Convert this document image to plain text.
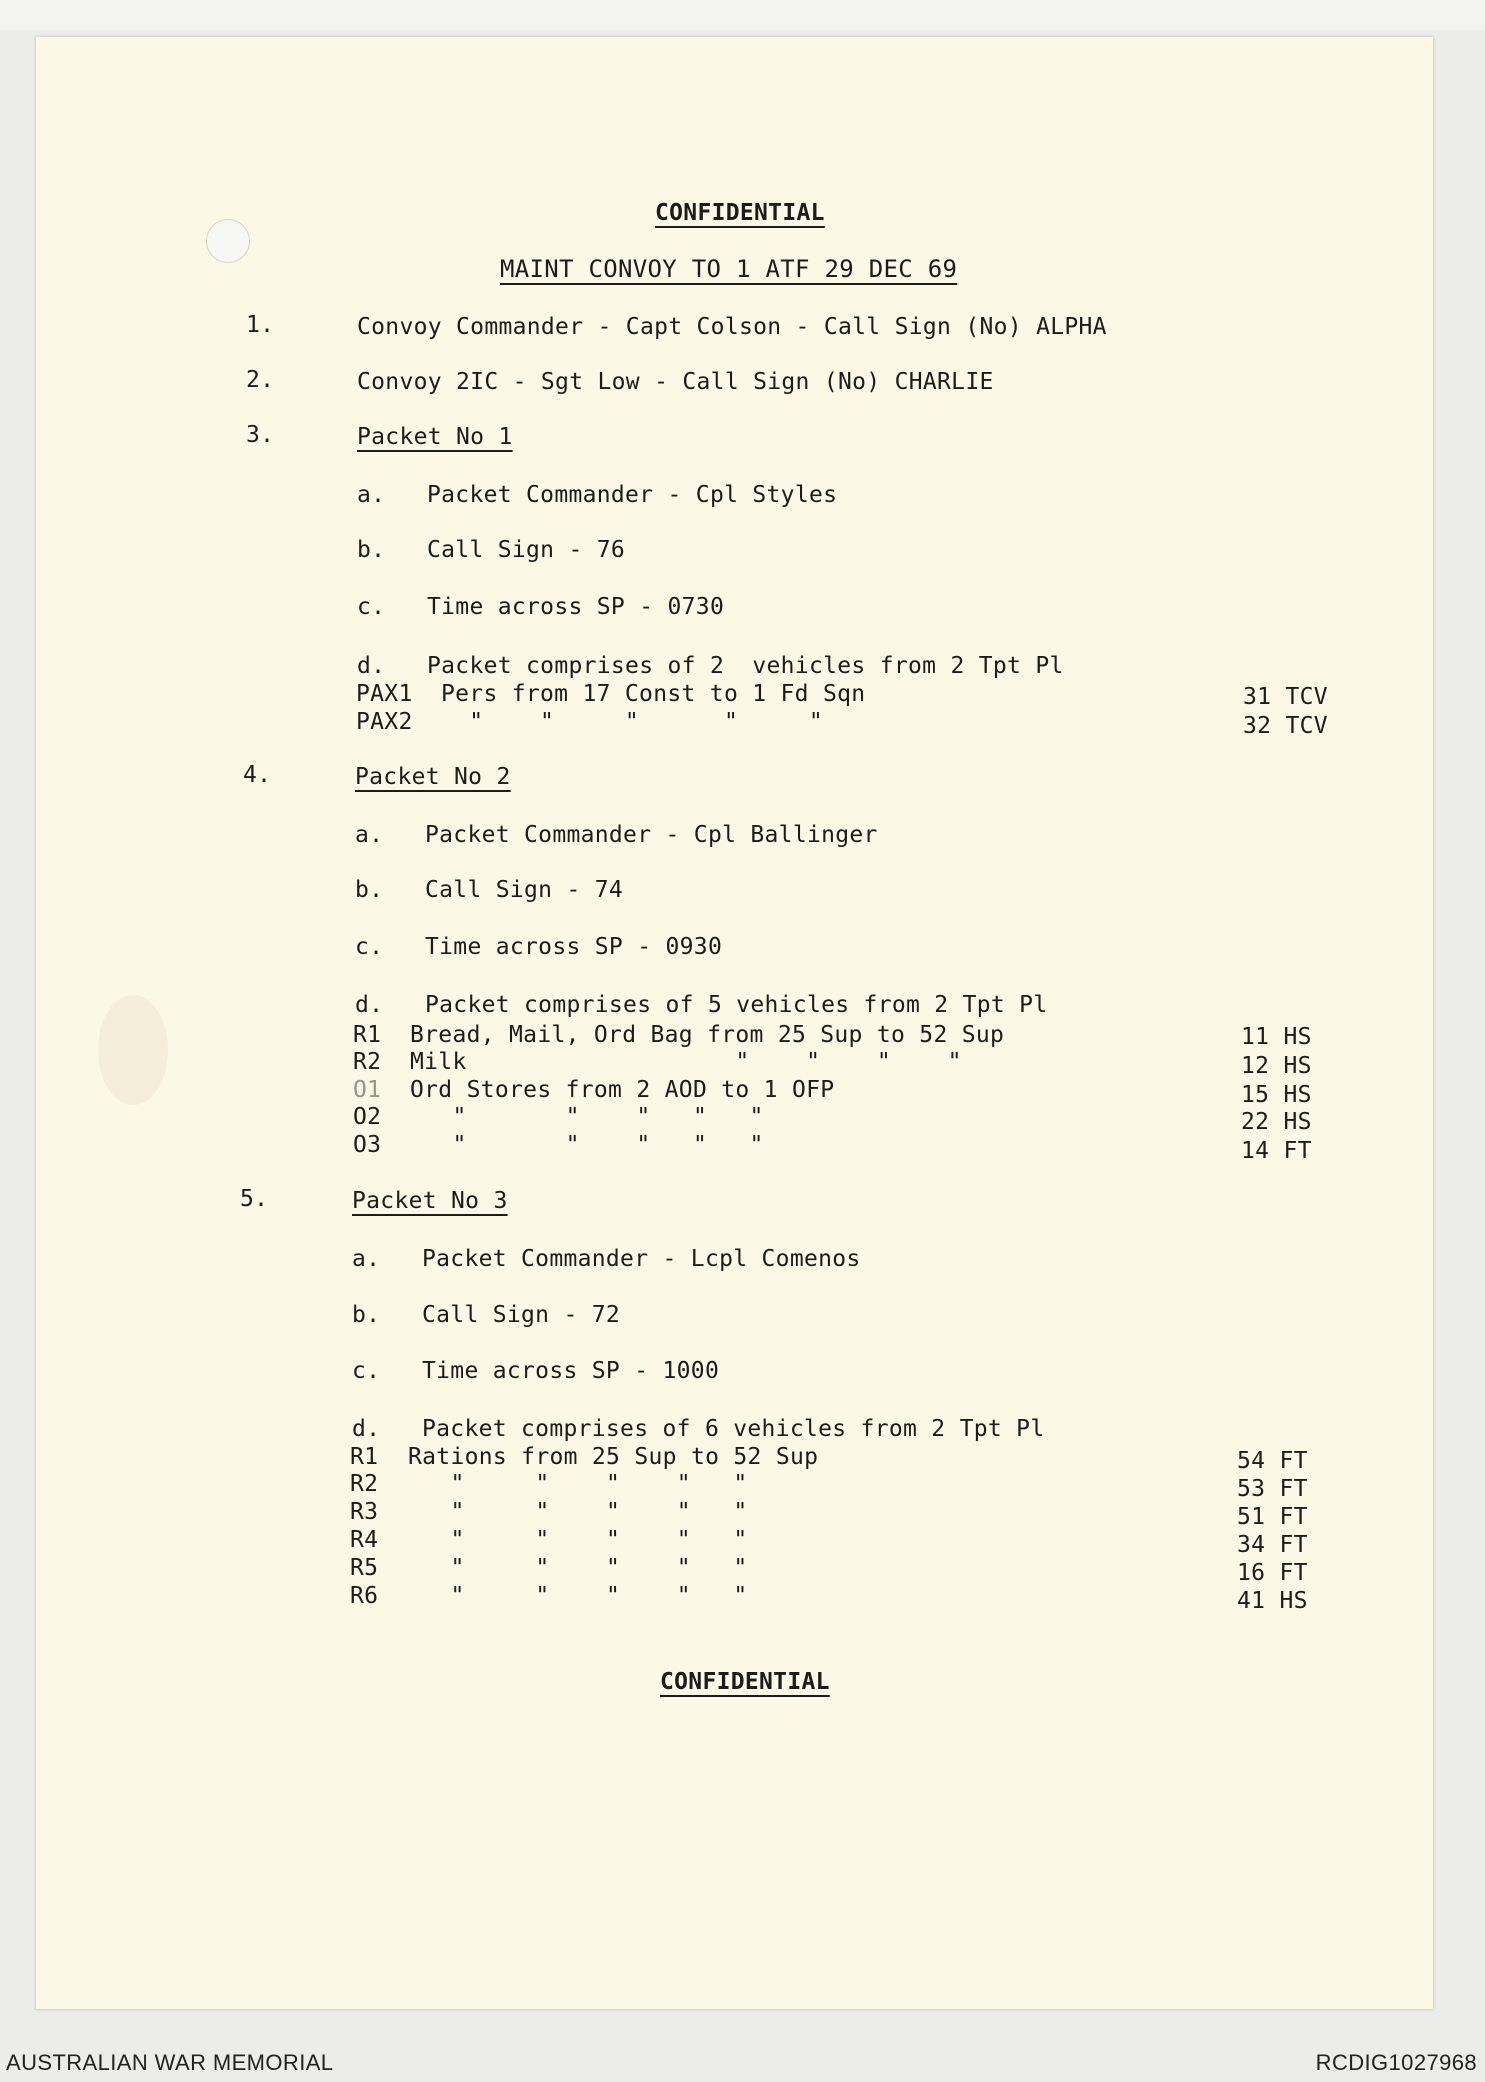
CONFIDENTIAL
MAINT CONVOY TO 1 ATF 29 DEC 69
1.	Convoy Commander - Capt Colson - Call Sign (No) ALPHA
2.	Convoy 2IC - Sgt Low - Call Sign (No) CHARLIE
3.	Packet No 1
a. Packet Commander - Cpl Styles
b. Call Sign - 76
c. Time across SP - 0730
d. Packet comprises of 2  vehicles from 2 Tpt Pl
PAX1 Pers from 17 Const to 1 Fd Sqn	31 TCV
PAX2 "    "     "      "     "	32 TCV
4.	Packet No 2
a. Packet Commander - Cpl Ballinger
b. Call Sign - 74
c. Time across SP - 0930
d. Packet comprises of 5 vehicles from 2 Tpt Pl
R1 Bread, Mail, Ord Bag from 25 Sup to 52 Sup	11 HS
R2 Milk                   "    "    "    "	12 HS
O1 Ord Stores from 2 AOD to 1 OFP	15 HS
O2 "       "    "   "   "	22 HS
O3 "       "    "   "   "	14 FT
5.	Packet No 3
a. Packet Commander - Lcpl Comenos
b. Call Sign - 72
c. Time across SP - 1000
d. Packet comprises of 6 vehicles from 2 Tpt Pl
R1 Rations from 25 Sup to 52 Sup	54 FT
R2 "     "    "    "   "	53 FT
R3 "     "    "    "   "	51 FT
R4 "     "    "    "   "	34 FT
R5 "     "    "    "   "	16 FT
R6 "     "    "    "   "	41 HS
CONFIDENTIAL
AUSTRALIAN WAR MEMORIAL	RCDIG1027968
